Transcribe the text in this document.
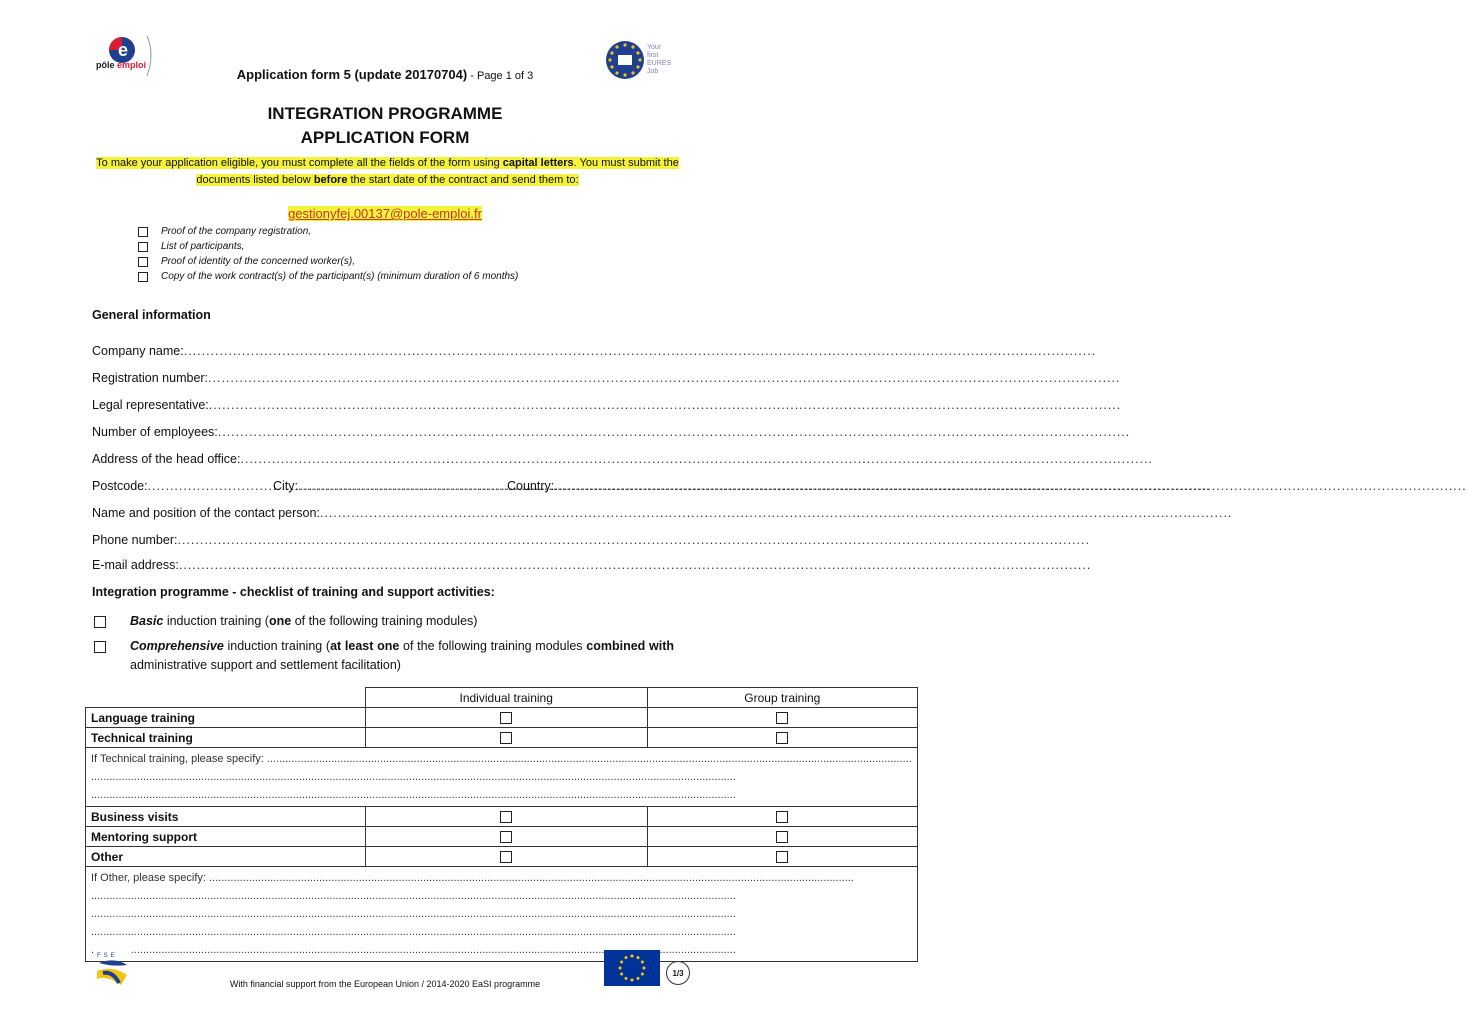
e
pôle emploi
Your
first
EURES
Job
Application form 5 (update 20170704) - Page 1 of 3
INTEGRATION PROGRAMME
APPLICATION FORM
To make your application eligible, you must complete all the fields of the form using capital letters. You must submit the documents listed below before the start date of the contract and send them to:
gestionyfej.00137@pole-emploi.fr
Proof of the company registration,
List of participants,
Proof of identity of the concerned worker(s),
Copy of the work contract(s) of the participant(s) (minimum duration of 6 months)
General information
Company name:
.....
Registration number:
.....
Legal representative:
.....
Number of employees:
.....
Address of the head office:
.....
Postcode: .....	City: .....	Country:
.....
Name and position of the contact person:
.....
Phone number:
.....
E-mail address:
.....
Integration programme - checklist of training and support activities:
Basic induction training (one of the following training modules)
Comprehensive induction training (at least one of the following training modules combined with administrative support and settlement facilitation)
	Individual training	Group training
Language training		
Technical training		

If Technical training, please specify: .....
.....
.....

Business visits		
Mentoring support		
Other		

If Other, please specify: .....
.....
.....
.....
.....
FSE
With financial support from the European Union / 2014-2020 EaSI programme
1/3
